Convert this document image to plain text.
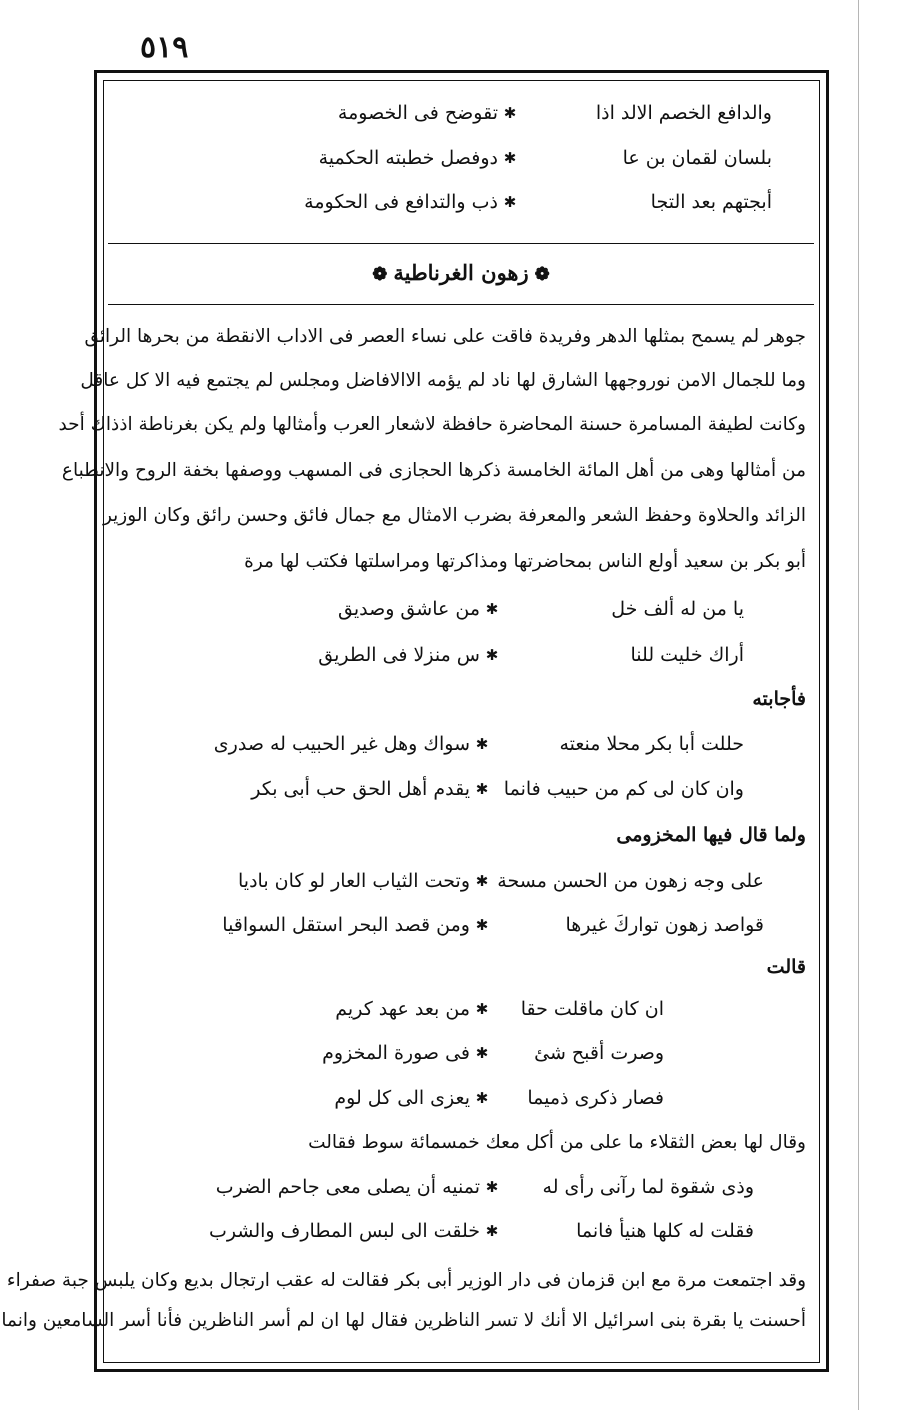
٥١٩
والدافع الخصم الالد اذا
✱
تقوضح فى الخصومة
بلسان لقمان بن عا
✱
دوفصل خطبته الحكمية
أبجتهم بعد التجا
✱
ذب والتدافع فى الحكومة
❁زهون الغرناطية❁
جوهر لم يسمح بمثلها الدهر وفريدة فاقت على نساء العصر فى الاداب الانقطة من بحرها الرائق
وما للجمال الامن نوروجهها الشارق لها ناد لم يؤمه الاالافاضل ومجلس لم يجتمع فيه الا كل عاقل
وكانت لطيفة المسامرة حسنة المحاضرة حافظة لاشعار العرب وأمثالها ولم يكن بغرناطة اذذاك أحد
من أمثالها وهى من أهل المائة الخامسة ذكرها الحجازى فى المسهب ووصفها بخفة الروح والانطباع
الزائد والحلاوة وحفظ الشعر والمعرفة بضرب الامثال مع جمال فائق وحسن رائق وكان الوزير
أبو بكر بن سعيد أولع الناس بمحاضرتها ومذاكرتها ومراسلتها فكتب لها مرة
يا من له ألف خل
✱
من عاشق وصديق
أراك خليت للنا
✱
س منزلا فى الطريق
فأجابته
حللت أبا بكر محلا منعته
✱
سواك وهل غير الحبيب له صدرى
وان كان لى كم من حبيب فانما
✱
يقدم أهل الحق حب أبى بكر
ولما قال فيها المخزومى
على وجه زهون من الحسن مسحة
✱
وتحت الثياب العار لو كان باديا
قواصد زهون تواركَ غيرها
✱
ومن قصد البحر استقل السواقيا
قالت
ان كان ماقلت حقا
✱
من بعد عهد كريم
وصرت أقبح شئ
✱
فى صورة المخزوم
فصار ذكرى ذميما
✱
يعزى الى كل لوم
وقال لها بعض الثقلاء ما على من أكل معك خمسمائة سوط فقالت
وذى شقوة لما رآنى رأى له
✱
تمنيه أن يصلى معى جاحم الضرب
فقلت له كلها هنيأ فانما
✱
خلقت الى لبس المطارف والشرب
وقد اجتمعت مرة مع ابن قزمان فى دار الوزير أبى بكر فقالت له عقب ارتجال بديع وكان يلبس جبة صفراء
أحسنت يا بقرة بنى اسرائيل الا أنك لا تسر الناظرين فقال لها ان لم أسر الناظرين فأنا أسر السامعين وانما
